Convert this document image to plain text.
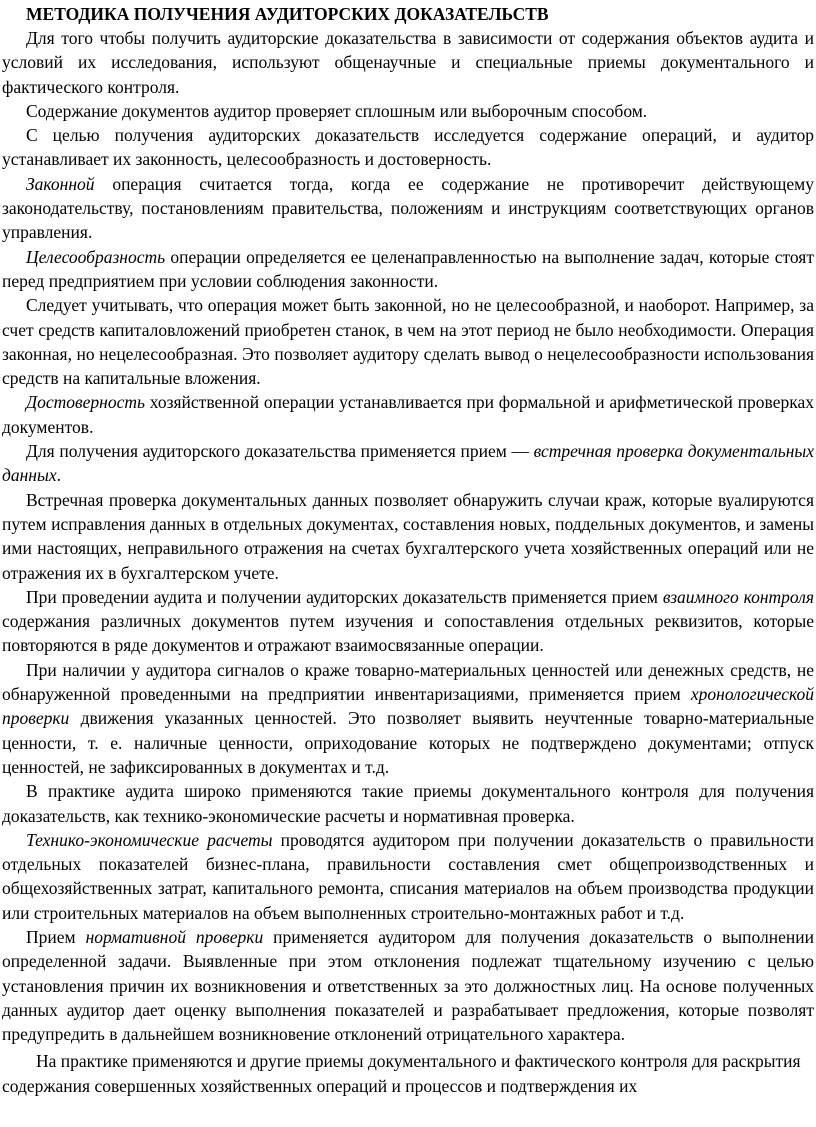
МЕТОДИКА ПОЛУЧЕНИЯ АУДИТОРСКИХ ДОКАЗАТЕЛЬСТВ

Для того чтобы получить аудиторские доказательства в зависимости от содержания объектов аудита и условий их исследования, используют общенаучные и специальные приемы документального и фактического контроля.

Содержание документов аудитор проверяет сплошным или выборочным способом.

С целью получения аудиторских доказательств исследуется содержание операций, и аудитор устанавливает их законность, целесообразность и достоверность.

Законной операция считается тогда, когда ее содержание не противоречит действующему законодательству, постановлениям правительства, положениям и инструкциям соответствующих органов управления.

Целесообразность операции определяется ее целенаправленностью на выполнение задач, которые стоят перед предприятием при условии соблюдения законности.

Следует учитывать, что операция может быть законной, но не целесообразной, и наоборот. Например, за счет средств капиталовложений приобретен станок, в чем на этот период не было необходимости. Операция законная, но нецелесообразная. Это позволяет аудитору сделать вывод о нецелесообразности использования средств на капитальные вложения.

Достоверность хозяйственной операции устанавливается при формальной и арифметической проверках документов.

Для получения аудиторского доказательства применяется прием — встречная проверка документальных данных.

Встречная проверка документальных данных позволяет обнаружить случаи краж, которые вуалируются путем исправления данных в отдельных документах, составления новых, поддельных документов, и замены ими настоящих, неправильного отражения на счетах бухгалтерского учета хозяйственных операций или не отражения их в бухгалтерском учете.

При проведении аудита и получении аудиторских доказательств применяется прием взаимного контроля содержания различных документов путем изучения и сопоставления отдельных реквизитов, которые повторяются в ряде документов и отражают взаимосвязанные операции.

При наличии у аудитора сигналов о краже товарно-материальных ценностей или денежных средств, не обнаруженной проведенными на предприятии инвентаризациями, применяется прием хронологической проверки движения указанных ценностей. Это позволяет выявить неучтенные товарно-материальные ценности, т. е. наличные ценности, оприходование которых не подтверждено документами; отпуск ценностей, не зафиксированных в документах и т.д.

В практике аудита широко применяются такие приемы документального контроля для получения доказательств, как технико-экономические расчеты и нормативная проверка.

Технико-экономические расчеты проводятся аудитором при получении доказательств о правильности отдельных показателей бизнес-плана, правильности составления смет общепроизводственных и общехозяйственных затрат, капитального ремонта, списания материалов на объем производства продукции или строительных материалов на объем выполненных строительно-монтажных работ и т.д.

Прием нормативной проверки применяется аудитором для получения доказательств о выполнении определенной задачи. Выявленные при этом отклонения подлежат тщательному изучению с целью установления причин их возникновения и ответственных за это должностных лиц. На основе полученных данных аудитор дает оценку выполнения показателей и разрабатывает предложения, которые позволят предупредить в дальнейшем возникновение отклонений отрицательного характера.

На практике применяются и другие приемы документального и фактического контроля для раскрытия содержания совершенных хозяйственных операций и процессов и подтверждения их
